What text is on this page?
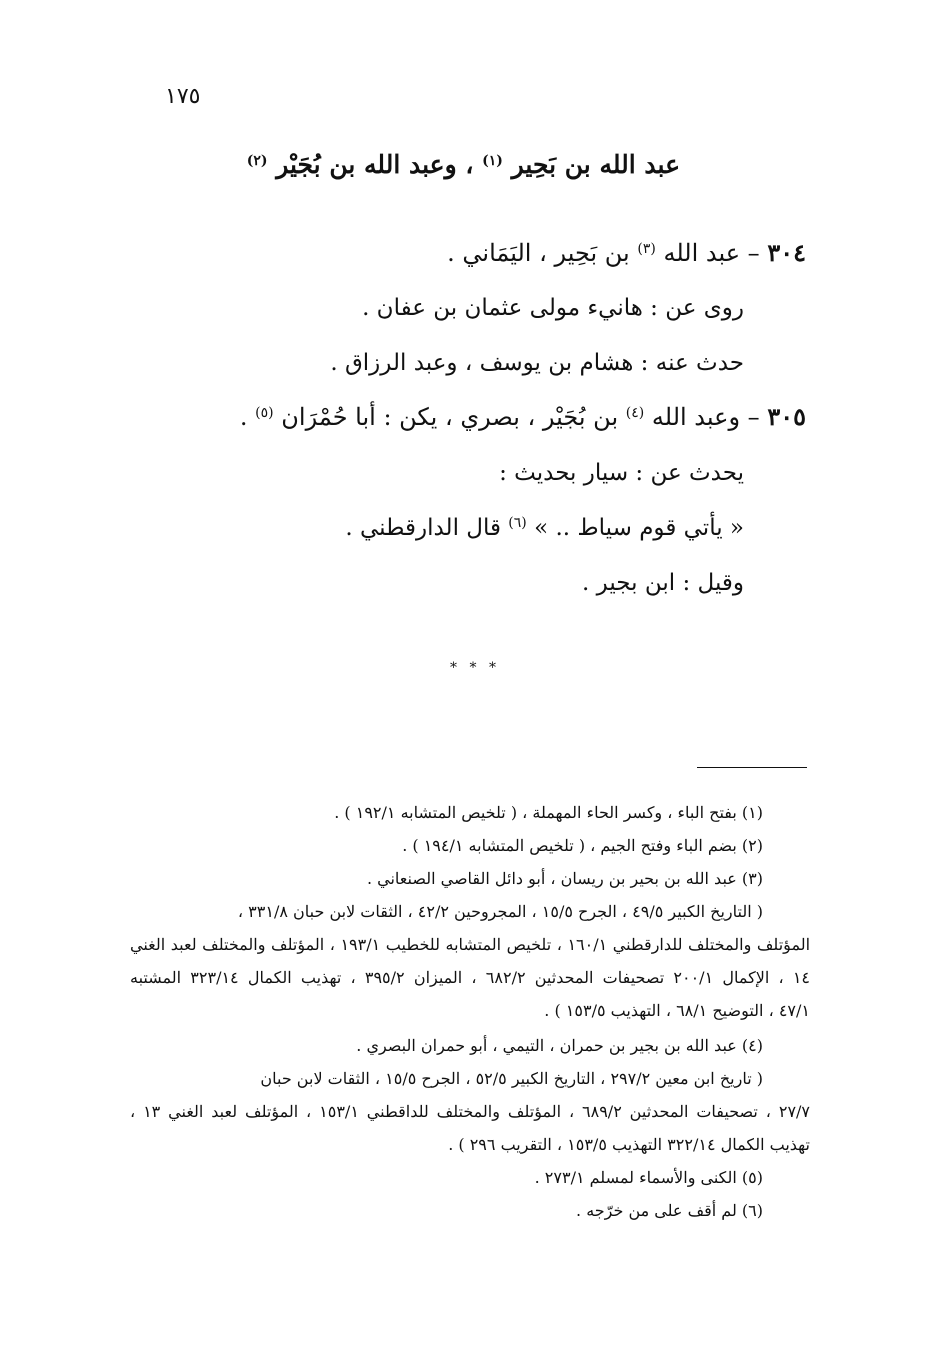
١٧٥
عبد الله بن بَحِير $^{(١)}$ ، وعبد الله بن بُجَيْر $^{(٢)}$
٣٠٤ – عبد الله $^{(٣)}$ بن بَحِير ، اليَمَاني .
روى عن : هانيء مولى عثمان بن عفان .
حدث عنه : هشام بن يوسف ، وعبد الرزاق .
٣٠٥ – وعبد الله $^{(٤)}$ بن بُجَيْر ، بصري ، يكن : أبا حُمْرَان $^{(٥)}$ .
يحدث عن : سيار بحديث :
« يأتي قوم سياط .. » $^{(٦)}$ قال الدارقطني .
وقيل : ابن بجير .
* * *
(١) بفتح الباء ، وكسر الحاء المهملة ، ( تلخيص المتشابه ١٩٢/١ ) .
(٢) بضم الباء وفتح الجيم ، ( تلخيص المتشابه ١٩٤/١ ) .
(٣) عبد الله بن بحير بن ريسان ، أبو دائل القاصي الصنعاني .
( التاريخ الكبير ٤٩/٥ ، الجرح ١٥/٥ ، المجروحين ٤٢/٢ ، الثقات لابن حبان ٣٣١/٨ ،
المؤتلف والمختلف للدارقطني ١٦٠/١ ، تلخيص المتشابه للخطيب ١٩٣/١ ، المؤتلف والمختلف لعبد الغني
١٤ ، الإكمال ٢٠٠/١ تصحيفات المحدثين ٦٨٢/٢ ، الميزان ٣٩٥/٢ ، تهذيب الكمال ٣٢٣/١٤ المشتبه
٤٧/١ ، التوضيح ٦٨/١ ، التهذيب ١٥٣/٥ ) .
(٤) عبد الله بن بجير بن حمران ، التيمي ، أبو حمران البصري .
( تاريخ ابن معين ٢٩٧/٢ ، التاريخ الكبير ٥٢/٥ ، الجرح ١٥/٥ ، الثقات لابن حبان
٢٧/٧ ، تصحيفات المحدثين ٦٨٩/٢ ، المؤتلف والمختلف للداقطني ١٥٣/١ ، المؤتلف لعبد الغني ١٣ ،
تهذيب الكمال ٣٢٢/١٤ التهذيب ١٥٣/٥ ، التقريب ٢٩٦ ) .
(٥) الكنى والأسماء لمسلم ٢٧٣/١ .
(٦) لم أقف على من خرّجه .
